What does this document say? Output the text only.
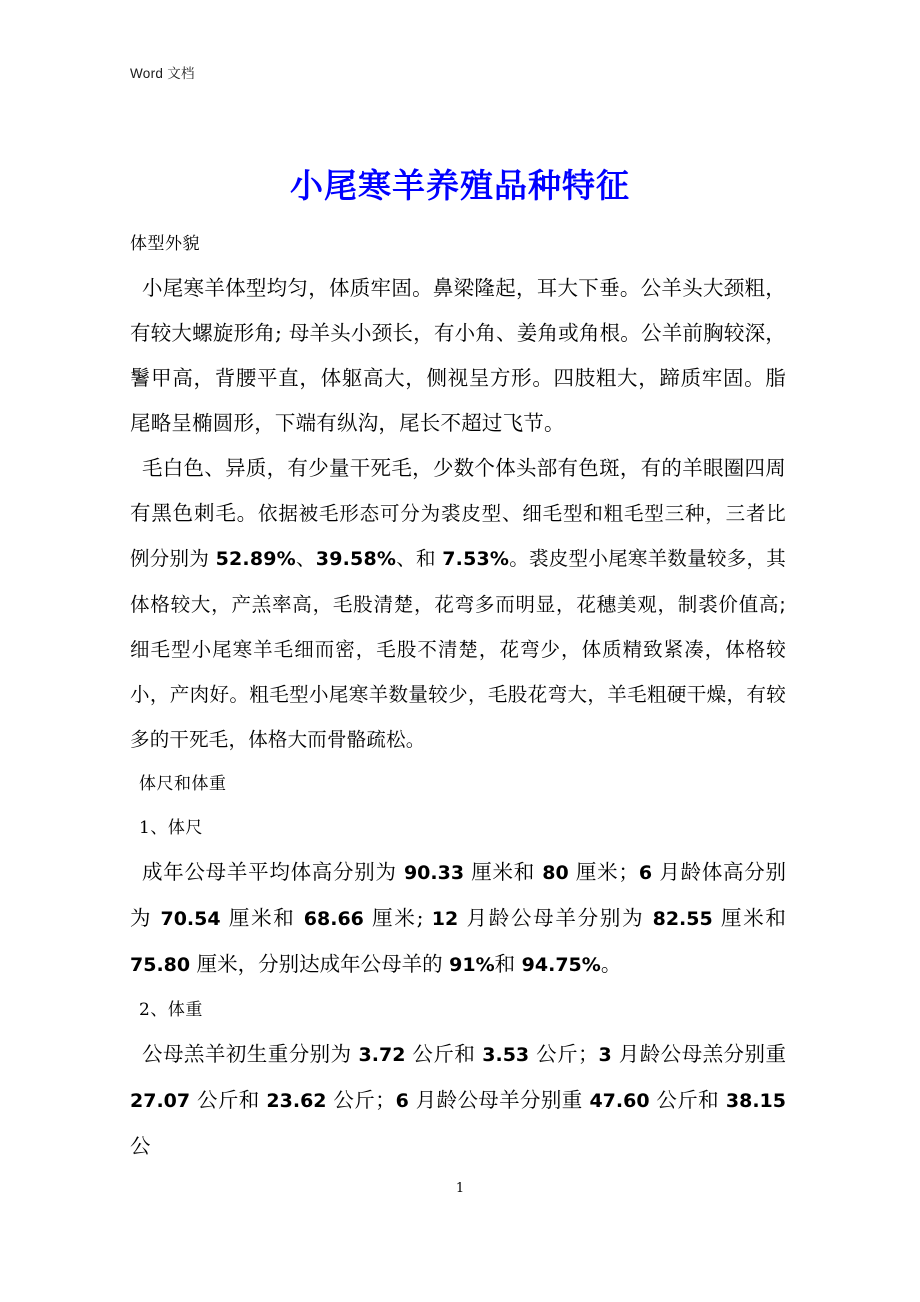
Word 文档
小尾寒羊养殖品种特征
体型外貌

小尾寒羊体型均匀，体质牢固。鼻梁隆起，耳大下垂。公羊头大颈粗，有较大螺旋形角; 母羊头小颈长，有小角、姜角或角根。公羊前胸较深，鬐甲高，背腰平直，体躯高大，侧视呈方形。四肢粗大，蹄质牢固。脂尾略呈椭圆形，下端有纵沟，尾长不超过飞节。

毛白色、异质，有少量干死毛，少数个体头部有色斑，有的羊眼圈四周有黑色刺毛。依据被毛形态可分为裘皮型、细毛型和粗毛型三种，三者比例分别为 52.89%、39.58%、和 7.53%。裘皮型小尾寒羊数量较多，其体格较大，产羔率高，毛股清楚，花弯多而明显，花穗美观，制裘价值高; 细毛型小尾寒羊毛细而密，毛股不清楚，花弯少，体质精致紧凑，体格较小，产肉好。粗毛型小尾寒羊数量较少，毛股花弯大，羊毛粗硬干燥，有较多的干死毛，体格大而骨骼疏松。

体尺和体重
1、体尺

成年公母羊平均体高分别为 90.33 厘米和 80 厘米；6 月龄体高分别为 70.54 厘米和 68.66 厘米; 12 月龄公母羊分别为 82.55 厘米和 75.80 厘米，分别达成年公母羊的 91%和 94.75%。

2、体重

公母羔羊初生重分别为 3.72 公斤和 3.53 公斤；3 月龄公母羔分别重 27.07 公斤和 23.62 公斤；6 月龄公母羊分别重 47.60 公斤和 38.15 公

1
